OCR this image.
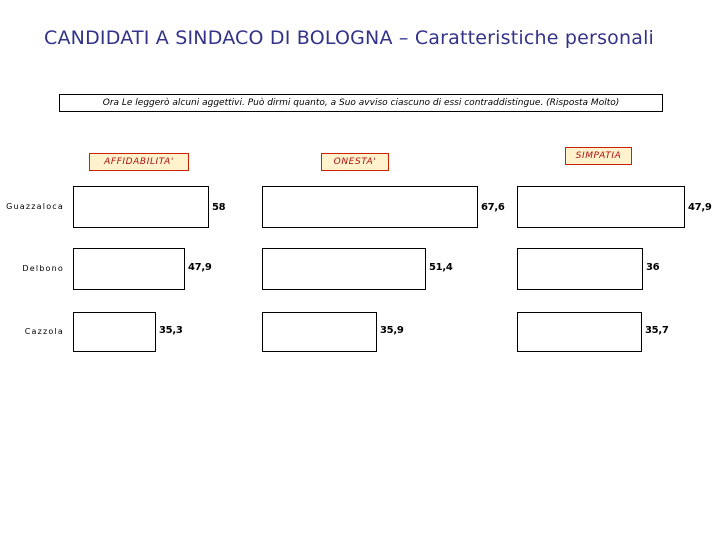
CANDIDATI A SINDACO DI BOLOGNA – Caratteristiche personali
Ora Le leggerò alcuni aggettivi. Può dirmi quanto, a Suo avviso ciascuno di essi contraddistingue. (Risposta Molto)
Guazzaloca
Delbono
Cazzola
AFFIDABILITA'
58
47,9
35,3
ONESTA'
67,6
51,4
35,9
SIMPATIA
47,9
36
35,7
